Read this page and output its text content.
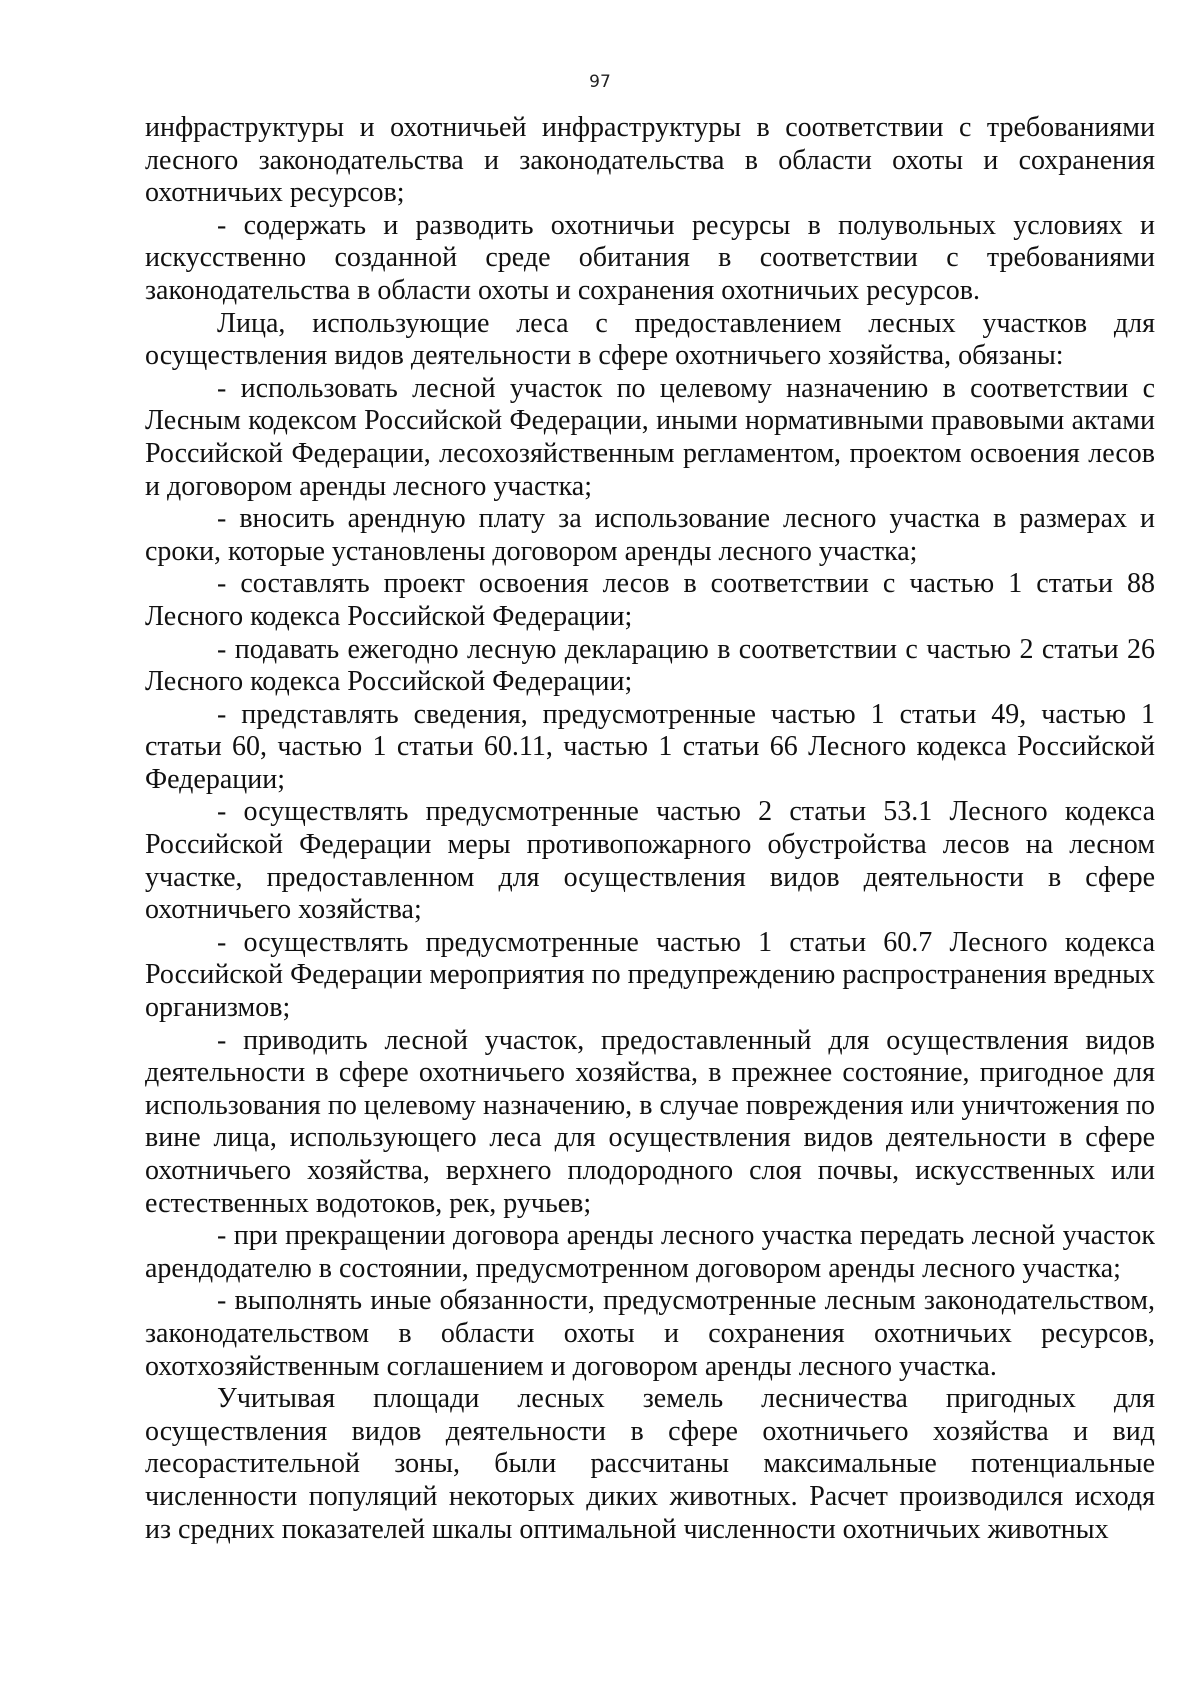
97

инфраструктуры и охотничьей инфраструктуры в соответствии с требованиями лесного законодательства и законодательства в области охоты и сохранения охотничьих ресурсов;

- содержать и разводить охотничьи ресурсы в полувольных условиях и искусственно созданной среде обитания в соответствии с требованиями законодательства в области охоты и сохранения охотничьих ресурсов.

Лица, использующие леса с предоставлением лесных участков для осуществления видов деятельности в сфере охотничьего хозяйства, обязаны:

- использовать лесной участок по целевому назначению в соответствии с Лесным кодексом Российской Федерации, иными нормативными правовыми актами Российской Федерации, лесохозяйственным регламентом, проектом освоения лесов и договором аренды лесного участка;

- вносить арендную плату за использование лесного участка в размерах и сроки, которые установлены договором аренды лесного участка;

- составлять проект освоения лесов в соответствии с частью 1 статьи 88 Лесного кодекса Российской Федерации;

- подавать ежегодно лесную декларацию в соответствии с частью 2 статьи 26 Лесного кодекса Российской Федерации;

- представлять сведения, предусмотренные частью 1 статьи 49, частью 1 статьи 60, частью 1 статьи 60.11, частью 1 статьи 66 Лесного кодекса Российской Федерации;

- осуществлять предусмотренные частью 2 статьи 53.1 Лесного кодекса Российской Федерации меры противопожарного обустройства лесов на лесном участке, предоставленном для осуществления видов деятельности в сфере охотничьего хозяйства;

- осуществлять предусмотренные частью 1 статьи 60.7 Лесного кодекса Российской Федерации мероприятия по предупреждению распространения вредных организмов;

- приводить лесной участок, предоставленный для осуществления видов деятельности в сфере охотничьего хозяйства, в прежнее состояние, пригодное для использования по целевому назначению, в случае повреждения или уничтожения по вине лица, использующего леса для осуществления видов деятельности в сфере охотничьего хозяйства, верхнего плодородного слоя почвы, искусственных или естественных водотоков, рек, ручьев;

- при прекращении договора аренды лесного участка передать лесной участок арендодателю в состоянии, предусмотренном договором аренды лесного участка;

- выполнять иные обязанности, предусмотренные лесным законодательством, законодательством в области охоты и сохранения охотничьих ресурсов, охотхозяйственным соглашением и договором аренды лесного участка.

Учитывая площади лесных земель лесничества пригодных для осуществления видов деятельности в сфере охотничьего хозяйства и вид лесорастительной зоны, были рассчитаны максимальные потенциальные численности популяций некоторых диких животных. Расчет производился исходя из средних показателей шкалы оптимальной численности охотничьих животных
